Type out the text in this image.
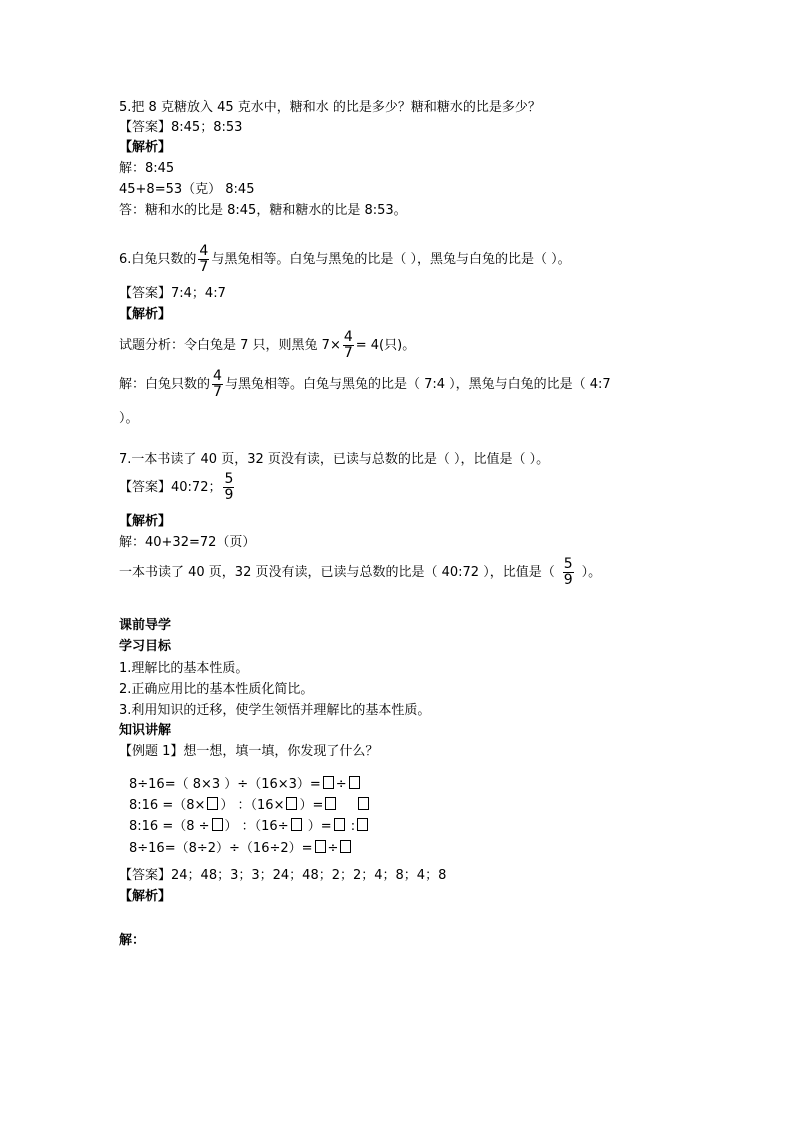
5.把 8 克糖放入 45 克水中，糖和水 的比是多少？糖和糖水的比是多少？
【答案】8:45；8:53
【解析】
解：8:45
45+8=53（克） 8:45
答：糖和水的比是 8:45，糖和糖水的比是 8:53。
6.白兔只数的 $\frac{4}{7}$ 与黑兔相等。白兔与黑兔的比是（ ），黑兔与白兔的比是（ ）。
【答案】7:4；4:7
【解析】
试题分析：令白兔是 7 只，则黑兔 $7\times \frac{4}{7} = 4$(只)。
解：白兔只数的 $\frac{4}{7}$ 与黑兔相等。白兔与黑兔的比是（ 7:4 ），黑兔与白兔的比是（ 4:7
）。
7.一本书读了 40 页，32 页没有读，已读与总数的比是（ ），比值是（ ）。
【答案】40:72； $\frac{5}{9}$
【解析】
解：40+32=72（页）
一本书读了 40 页，32 页没有读，已读与总数的比是（ 40:72 ），比值是（ $\frac{5}{9}$ ）。
课前导学
学习目标
1.理解比的基本性质。
2.正确应用比的基本性质化简比。
3.利用知识的迁移，使学生领悟并理解比的基本性质。
知识讲解
【例题 1】想一想，填一填，你发现了什么？
8÷16=（ 8×3 ）÷（16×3）= ÷
8:16 =（8× ） ：（16× ）=
8:16 =（8 ÷ ） ：（16÷ ）= :
8÷16=（8÷2）÷（16÷2）= ÷
【答案】24；48；3；3；24；48；2；2；4；8；4；8
【解析】
解：
